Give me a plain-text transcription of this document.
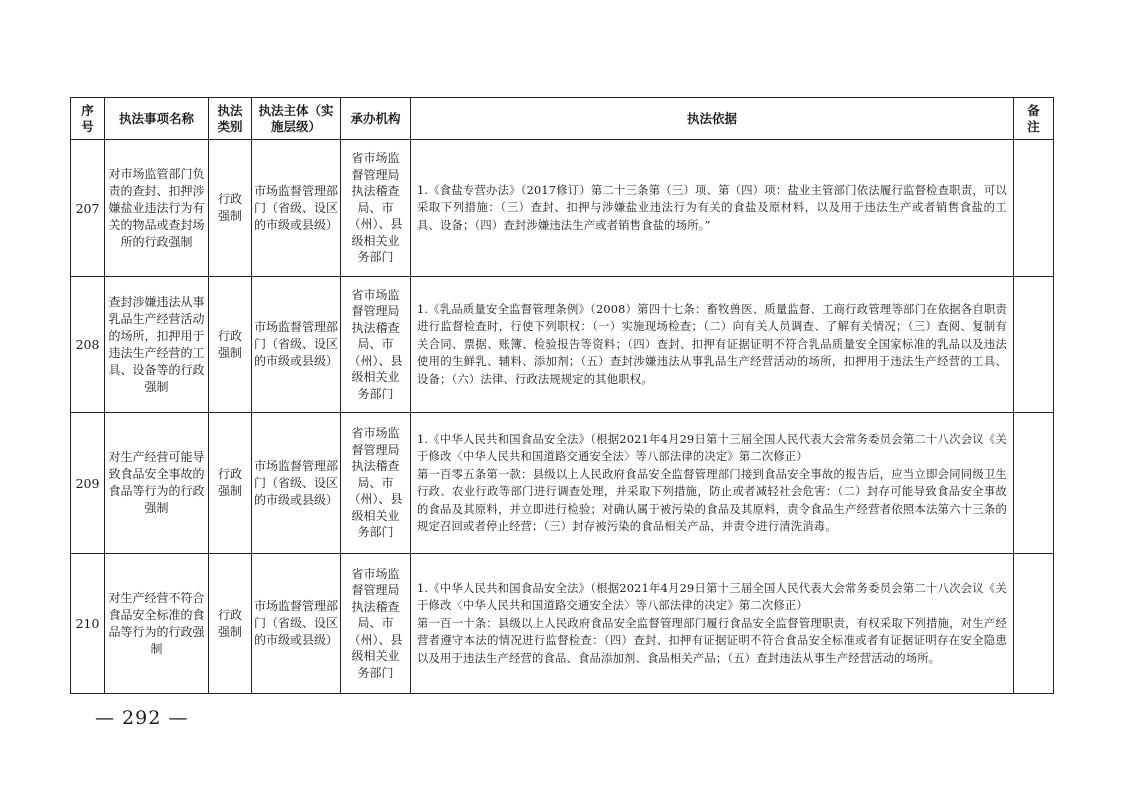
序号	执法事项名称	执法类别	执法主体（实施层级）	承办机构	执法依据	备注
207	对市场监管部门负责的查封、扣押涉嫌盐业违法行为有关的物品或查封场所的行政强制	行政强制	市场监督管理部门（省级、设区的市级或县级）	省市场监督管理局执法稽查局、市（州）、县级相关业务部门	1.《食盐专营办法》（2017修订）第二十三条第（三）项、第（四）项：盐业主管部门依法履行监督检查职责，可以采取下列措施：（三）查封、扣押与涉嫌盐业违法行为有关的食盐及原材料，以及用于违法生产或者销售食盐的工具、设备；（四）查封涉嫌违法生产或者销售食盐的场所。”	
208	查封涉嫌违法从事乳品生产经营活动的场所，扣押用于违法生产经营的工具、设备等的行政强制	行政强制	市场监督管理部门（省级、设区的市级或县级）	省市场监督管理局执法稽查局、市（州）、县级相关业务部门	1.《乳品质量安全监督管理条例》（2008）第四十七条：畜牧兽医、质量监督、工商行政管理等部门在依据各自职责进行监督检查时，行使下列职权：（一）实施现场检查；（二）向有关人员调查、了解有关情况；（三）查阅、复制有关合同、票据、账簿、检验报告等资料；（四）查封、扣押有证据证明不符合乳品质量安全国家标准的乳品以及违法使用的生鲜乳、辅料、添加剂；（五）查封涉嫌违法从事乳品生产经营活动的场所，扣押用于违法生产经营的工具、设备；（六）法律、行政法规规定的其他职权。	
209	对生产经营可能导致食品安全事故的食品等行为的行政强制	行政强制	市场监督管理部门（省级、设区的市级或县级）	省市场监督管理局执法稽查局、市（州）、县级相关业务部门	1.《中华人民共和国食品安全法》（根据2021年4月29日第十三届全国人民代表大会常务委员会第二十八次会议《关于修改〈中华人民共和国道路交通安全法〉等八部法律的决定》第二次修正）
第一百零五条第一款：县级以上人民政府食品安全监督管理部门接到食品安全事故的报告后，应当立即会同同级卫生行政、农业行政等部门进行调查处理，并采取下列措施，防止或者减轻社会危害：（二）封存可能导致食品安全事故的食品及其原料，并立即进行检验；对确认属于被污染的食品及其原料，责令食品生产经营者依照本法第六十三条的规定召回或者停止经营；（三）封存被污染的食品相关产品，并责令进行清洗消毒。	

210	对生产经营不符合食品安全标准的食品等行为的行政强制	行政强制	市场监督管理部门（省级、设区的市级或县级）	省市场监督管理局执法稽查局、市（州）、县级相关业务部门	1.《中华人民共和国食品安全法》（根据2021年4月29日第十三届全国人民代表大会常务委员会第二十八次会议《关于修改〈中华人民共和国道路交通安全法〉等八部法律的决定》第二次修正）
第一百一十条：县级以上人民政府食品安全监督管理部门履行食品安全监督管理职责，有权采取下列措施，对生产经营者遵守本法的情况进行监督检查：（四）查封、扣押有证据证明不符合食品安全标准或者有证据证明存在安全隐患以及用于违法生产经营的食品、食品添加剂、食品相关产品；（五）查封违法从事生产经营活动的场所。	

— 292 —
